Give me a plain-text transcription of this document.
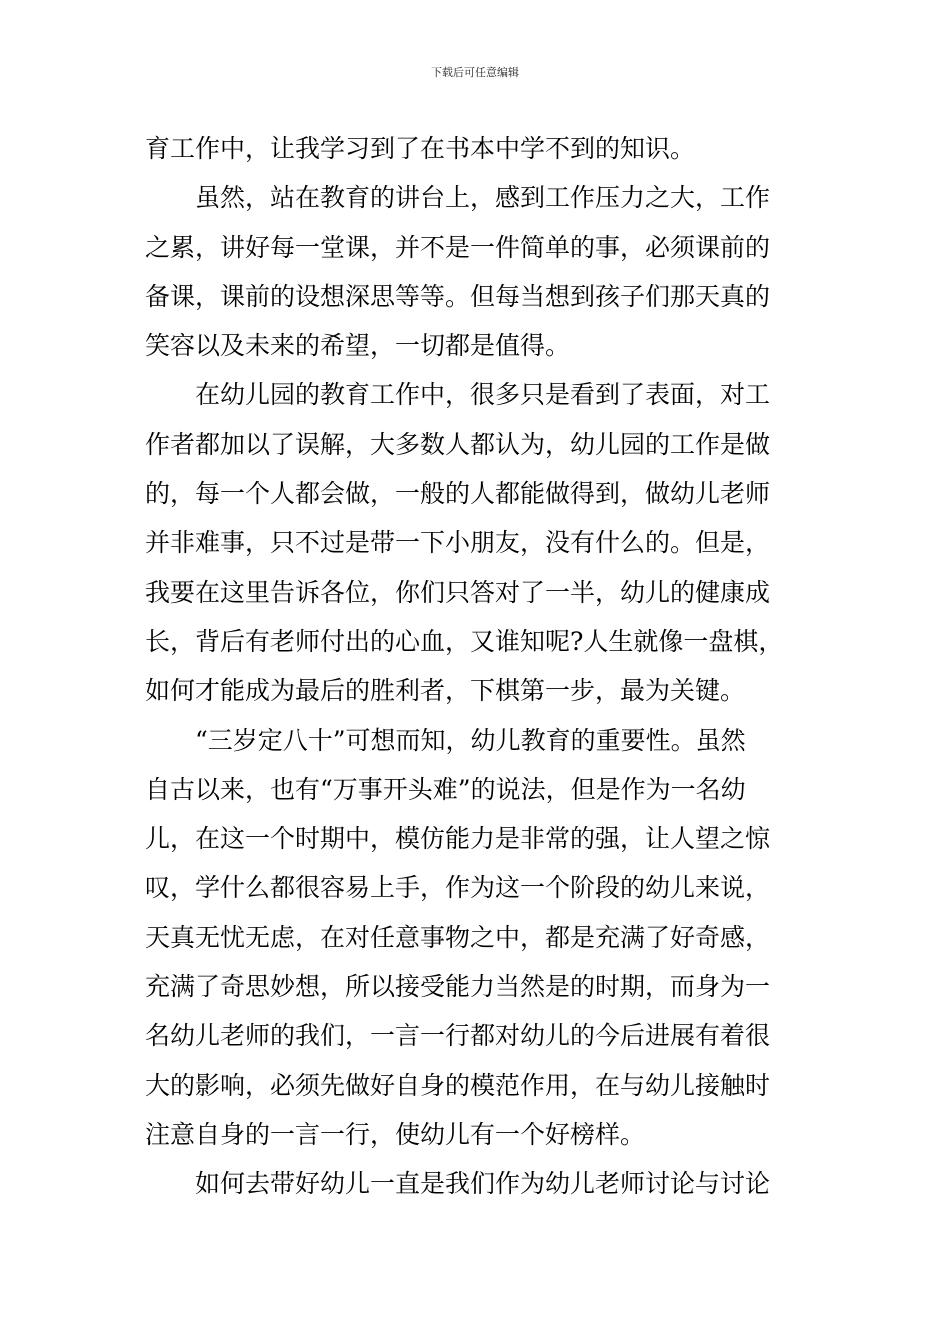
下载后可任意编辑
育工作中，让我学习到了在书本中学不到的知识。
虽然，站在教育的讲台上，感到工作压力之大，工作
之累，讲好每一堂课，并不是一件简单的事，必须课前的
备课，课前的设想深思等等。但每当想到孩子们那天真的
笑容以及未来的希望，一切都是值得。
在幼儿园的教育工作中，很多只是看到了表面，对工
作者都加以了误解，大多数人都认为，幼儿园的工作是做
的，每一个人都会做，一般的人都能做得到，做幼儿老师
并非难事，只不过是带一下小朋友，没有什么的。但是，
我要在这里告诉各位，你们只答对了一半，幼儿的健康成
长，背后有老师付出的心血，又谁知呢?人生就像一盘棋，
如何才能成为最后的胜利者，下棋第一步，最为关键。
“三岁定八十”可想而知，幼儿教育的重要性。虽然
自古以来，也有“万事开头难”的说法，但是作为一名幼
儿，在这一个时期中，模仿能力是非常的强，让人望之惊
叹，学什么都很容易上手，作为这一个阶段的幼儿来说，
天真无忧无虑，在对任意事物之中，都是充满了好奇感，
充满了奇思妙想，所以接受能力当然是的时期，而身为一
名幼儿老师的我们，一言一行都对幼儿的今后进展有着很
大的影响，必须先做好自身的模范作用，在与幼儿接触时
注意自身的一言一行，使幼儿有一个好榜样。
如何去带好幼儿一直是我们作为幼儿老师讨论与讨论
